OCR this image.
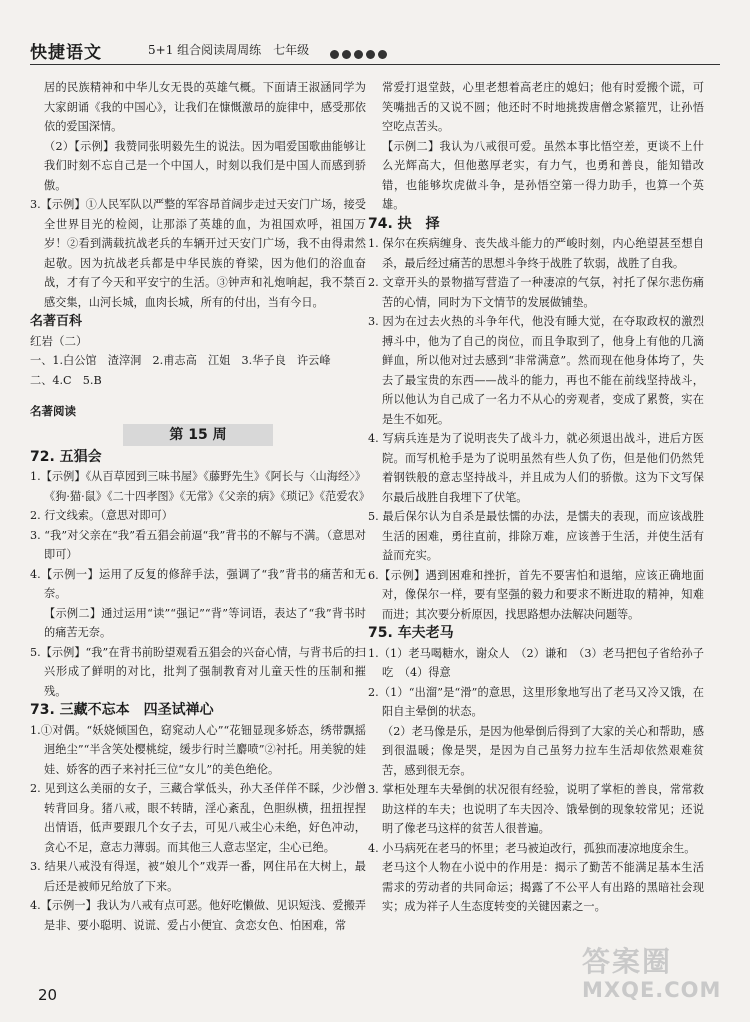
快捷语文	5+1 组合阅读周周练　七年级

居的民族精神和中华儿女无畏的英雄气概。下面请王淑涵同学为大家朗诵《我的中国心》，让我们在慷慨激昂的旋律中，感受那依依的爱国深情。

（2）【示例】我赞同张明毅先生的说法。因为唱爱国歌曲能够让我们时刻不忘自己是一个中国人，时刻以我们是中国人而感到骄傲。

3.【示例】①人民军队以严整的军容昂首阔步走过天安门广场，接受全世界目光的检阅，让那添了英雄的血，为祖国欢呼，祖国万岁！②看到满载抗战老兵的车辆开过天安门广场，我不由得肃然起敬。因为抗战老兵都是中华民族的脊梁，因为他们的浴血奋战，才有了今天和平安宁的生活。③钟声和礼炮响起，我不禁百感交集，山河长城，血肉长城，所有的付出，当有今日。

名著百科

红岩（二）

一、1.白公馆　渣滓洞　2.甫志高　江姐　3.华子良　许云峰

二、4.C　5.B

名著阅读

第 15 周

72. 五猖会

1.【示例】《从百草园到三味书屋》《藤野先生》《阿长与〈山海经〉》《狗·猫·鼠》《二十四孝图》《无常》《父亲的病》《琐记》《范爱农》

2. 行文线索。（意思对即可）

3. “我”对父亲在“我”看五猖会前逼“我”背书的不解与不满。（意思对即可）

4.【示例一】运用了反复的修辞手法，强调了“我”背书的痛苦和无奈。

【示例二】通过运用“读”“强记”“背”等词语，表达了“我”背书时的痛苦无奈。

5.【示例】“我”在背书前盼望观看五猖会的兴奋心情，与背书后的扫兴形成了鲜明的对比，批判了强制教育对儿童天性的压制和摧残。

73. 三藏不忘本　四圣试禅心

1.①对偶。“妖娆倾国色，窈窕动人心”“花钿显现多娇态，绣带飘摇迥绝尘”“半含笑处樱桃绽，缓步行时兰麝喷”②衬托。用美貌的娃娃、娇客的西子来衬托三位“女儿”的美色绝伦。

2. 见到这么美丽的女子，三藏合掌低头，孙大圣佯佯不睬，少沙僧转背回身。猪八戒，眼不转睛，淫心紊乱，色胆纵横，扭扭捏捏出情语，低声要跟几个女子去，可见八戒尘心未绝，好色冲动，贪心不足，意志力薄弱。而其他三人意志坚定，尘心已绝。

3. 结果八戒没有得逞，被“娘儿个”戏弄一番，网住吊在大树上，最后还是被师兄给放了下来。

4.【示例一】我认为八戒有点可恶。他好吃懒做、见识短浅、爱搬弄是非、要小聪明、说谎、爱占小便宜、贪恋女色、怕困难，常

常爱打退堂鼓，心里老想着高老庄的媳妇；他有时爱搬个谎，可笑嘴拙舌的又说不圆；他还时不时地挑拨唐僧念紧箍咒，让孙悟空吃点苦头。

【示例二】我认为八戒很可爱。虽然本事比悟空差，更谈不上什么光辉高大，但他憨厚老实，有力气，也勇和善良，能知错改错，也能够坎虎做斗争，是孙悟空第一得力助手，也算一个英雄。

74. 抉　择

1. 保尔在疾病缠身、丧失战斗能力的严峻时刻，内心绝望甚至想自杀，最后经过痛苦的思想斗争终于战胜了软弱，战胜了自我。

2. 文章开头的景物描写营造了一种凄凉的气氛，衬托了保尔悲伤痛苦的心情，同时为下文情节的发展做铺垫。

3. 因为在过去火热的斗争年代，他没有睡大觉，在夺取政权的激烈搏斗中，他为了自己的岗位，而且争取到了，他身上有他的几滴鲜血，所以他对过去感到“非常满意”。然而现在他身体垮了，失去了最宝贵的东西——战斗的能力，再也不能在前线坚持战斗，所以他认为自己成了一名力不从心的旁观者，变成了累赘，实在是生不如死。

4. 写病兵连是为了说明丧失了战斗力，就必须退出战斗，进后方医院。而写机枪手是为了说明虽然有些人负了伤，但是他们仍然凭着钢铁般的意志坚持战斗，并且成为人们的骄傲。这为下文写保尔最后战胜自我埋下了伏笔。

5. 最后保尔认为自杀是最怯懦的办法，是懦夫的表现，而应该战胜生活的困难，勇往直前，排除万难，应该善于生活，并使生活有益而充实。

6.【示例】遇到困难和挫折，首先不要害怕和退缩，应该正确地面对，像保尔一样，要有坚强的毅力和要求不断进取的精神，知难而进；其次要分析原因，找思路想办法解决问题等。

75. 车夫老马

1.（1）老马喝糖水，谢众人　（2）谦和　（3）老马把包子省给孙子吃　（4）得意

2.（1）“出溜”是“滑”的意思，这里形象地写出了老马又冷又饿，在阳自主晕倒的状态。

（2）老马像是乐，是因为他晕倒后得到了大家的关心和帮助，感到很温暖；像是哭，是因为自己虽努力拉车生活却依然艰难贫苦，感到很无奈。

3. 掌柜处理车夫晕倒的状况很有经验，说明了掌柜的善良，常常救助这样的车夫；也说明了车夫因冷、饿晕倒的现象较常见；还说明了像老马这样的贫苦人很普遍。

4. 小马病死在老马的怀里；老马被迫改行，孤独而凄凉地度余生。

老马这个人物在小说中的作用是：揭示了勤苦不能满足基本生活需求的劳动者的共同命运；揭露了不公平人有出路的黑暗社会现实；成为祥子人生态度转变的关键因素之一。

20
答案圈
MXQE.COM
